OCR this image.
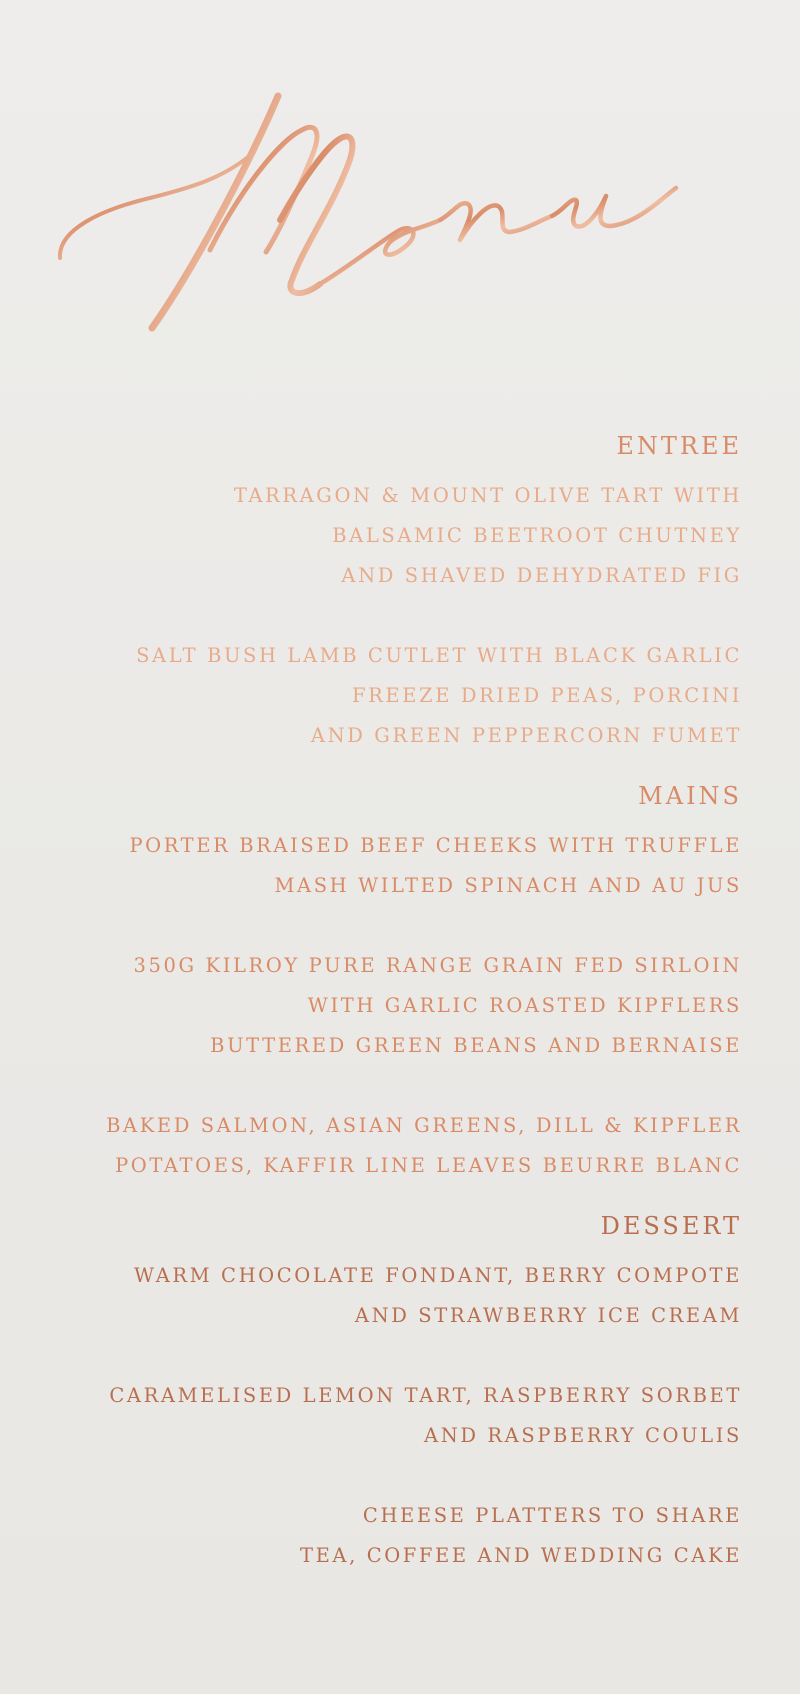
ENTREE
TARRAGON & MOUNT OLIVE TART WITH
BALSAMIC BEETROOT CHUTNEY
AND SHAVED DEHYDRATED FIG
SALT BUSH LAMB CUTLET WITH BLACK GARLIC
FREEZE DRIED PEAS, PORCINI
AND GREEN PEPPERCORN FUMET
MAINS
PORTER BRAISED BEEF CHEEKS WITH TRUFFLE
MASH WILTED SPINACH AND AU JUS
350G KILROY PURE RANGE GRAIN FED SIRLOIN
WITH GARLIC ROASTED KIPFLERS
BUTTERED GREEN BEANS AND BERNAISE
BAKED SALMON, ASIAN GREENS, DILL & KIPFLER
POTATOES, KAFFIR LINE LEAVES BEURRE BLANC
DESSERT
WARM CHOCOLATE FONDANT, BERRY COMPOTE
AND STRAWBERRY ICE CREAM
CARAMELISED LEMON TART, RASPBERRY SORBET
AND RASPBERRY COULIS
CHEESE PLATTERS TO SHARE
TEA, COFFEE AND WEDDING CAKE
